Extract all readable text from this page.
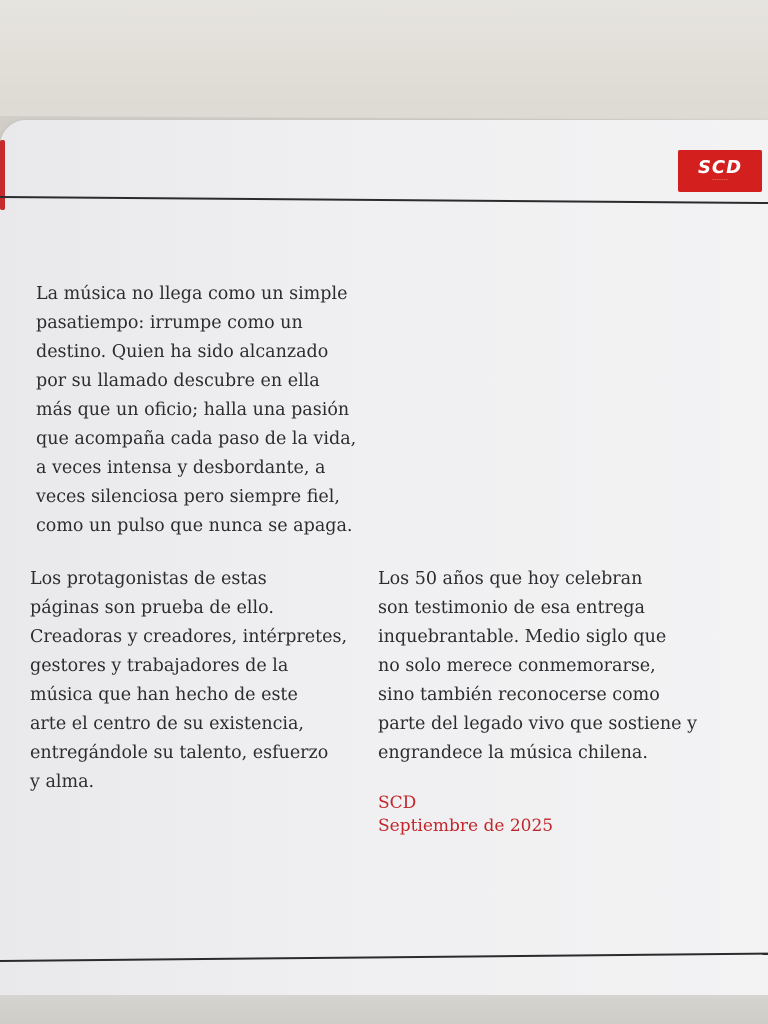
SCD
–––––––

La música no llega como un simple
pasatiempo: irrumpe como un
destino. Quien ha sido alcanzado
por su llamado descubre en ella
más que un oficio; halla una pasión
que acompaña cada paso de la vida,
a veces intensa y desbordante, a
veces silenciosa pero siempre fiel,
como un pulso que nunca se apaga.

Los protagonistas de estas
páginas son prueba de ello.
Creadoras y creadores, intérpretes,
gestores y trabajadores de la
música que han hecho de este
arte el centro de su existencia,
entregándole su talento, esfuerzo
y alma.

Los 50 años que hoy celebran
son testimonio de esa entrega
inquebrantable. Medio siglo que
no solo merece conmemorarse,
sino también reconocerse como
parte del legado vivo que sostiene y
engrandece la música chilena.

SCD
Septiembre de 2025
